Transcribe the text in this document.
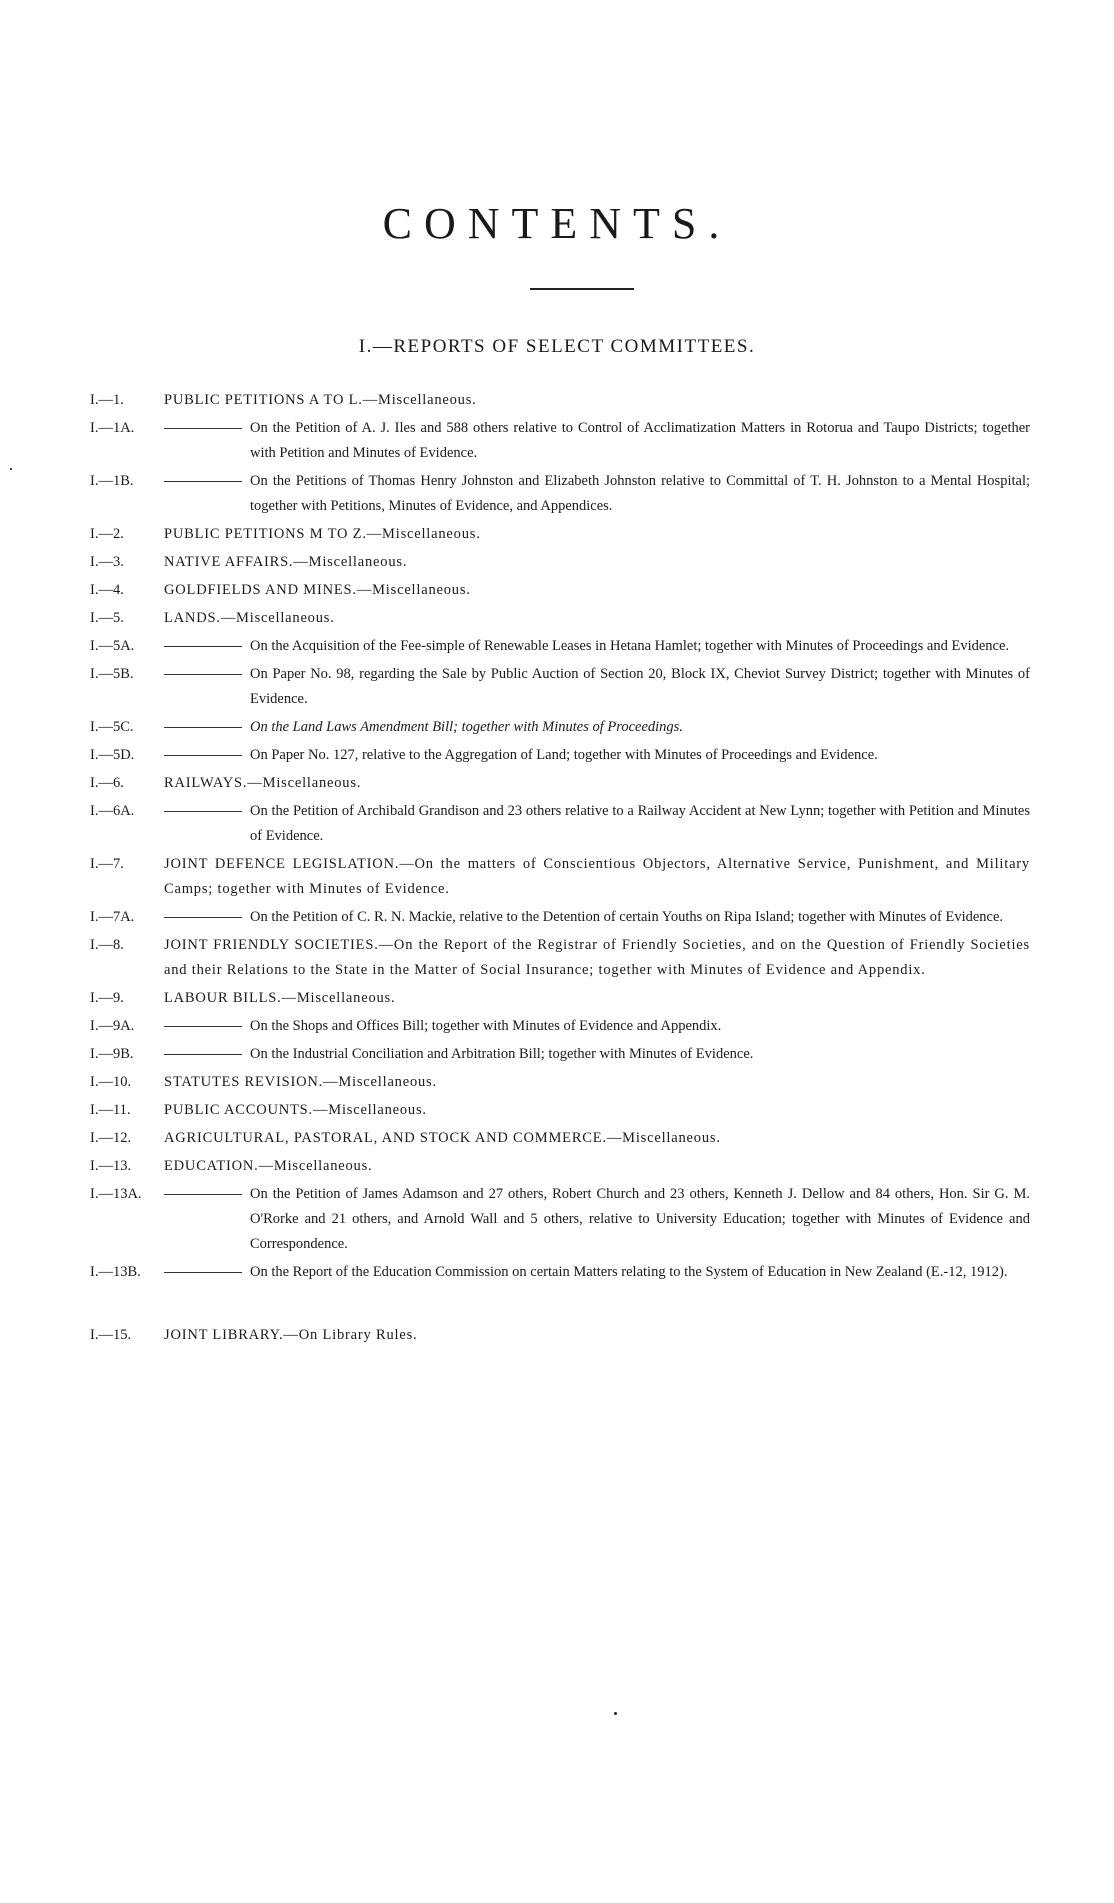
CONTENTS.
I.—REPORTS OF SELECT COMMITTEES.
I.—1.	PUBLIC PETITIONS A TO L.—Miscellaneous.
I.—1A.	On the Petition of A. J. Iles and 588 others relative to Control of Acclimatization Matters in Rotorua and Taupo Districts; together with Petition and Minutes of Evidence.
I.—1B.	On the Petitions of Thomas Henry Johnston and Elizabeth Johnston relative to Committal of T. H. Johnston to a Mental Hospital; together with Petitions, Minutes of Evidence, and Appendices.
I.—2.	PUBLIC PETITIONS M TO Z.—Miscellaneous.
I.—3.	NATIVE AFFAIRS.—Miscellaneous.
I.—4.	GOLDFIELDS AND MINES.—Miscellaneous.
I.—5.	LANDS.—Miscellaneous.
I.—5A.	On the Acquisition of the Fee-simple of Renewable Leases in Hetana Hamlet; together with Minutes of Proceedings and Evidence.
I.—5B.	On Paper No. 98, regarding the Sale by Public Auction of Section 20, Block IX, Cheviot Survey District; together with Minutes of Evidence.
I.—5C.	On the Land Laws Amendment Bill; together with Minutes of Proceedings.
I.—5D.	On Paper No. 127, relative to the Aggregation of Land; together with Minutes of Proceedings and Evidence.
I.—6.	RAILWAYS.—Miscellaneous.
I.—6A.	On the Petition of Archibald Grandison and 23 others relative to a Railway Accident at New Lynn; together with Petition and Minutes of Evidence.
I.—7.	JOINT DEFENCE LEGISLATION.—On the matters of Conscientious Objectors, Alternative Service, Punishment, and Military Camps; together with Minutes of Evidence.
I.—7A.	On the Petition of C. R. N. Mackie, relative to the Detention of certain Youths on Ripa Island; together with Minutes of Evidence.
I.—8.	JOINT FRIENDLY SOCIETIES.—On the Report of the Registrar of Friendly Societies, and on the Question of Friendly Societies and their Relations to the State in the Matter of Social Insurance; together with Minutes of Evidence and Appendix.
I.—9.	LABOUR BILLS.—Miscellaneous.
I.—9A.	On the Shops and Offices Bill; together with Minutes of Evidence and Appendix.
I.—9B.	On the Industrial Conciliation and Arbitration Bill; together with Minutes of Evidence.
I.—10.	STATUTES REVISION.—Miscellaneous.
I.—11.	PUBLIC ACCOUNTS.—Miscellaneous.
I.—12.	AGRICULTURAL, PASTORAL, AND STOCK AND COMMERCE.—Miscellaneous.
I.—13.	EDUCATION.—Miscellaneous.
I.—13A.	On the Petition of James Adamson and 27 others, Robert Church and 23 others, Kenneth J. Dellow and 84 others, Hon. Sir G. M. O'Rorke and 21 others, and Arnold Wall and 5 others, relative to University Education; together with Minutes of Evidence and Correspondence.
I.—13B.	On the Report of the Education Commission on certain Matters relating to the System of Education in New Zealand (E.-12, 1912).
I.—15.	JOINT LIBRARY.—On Library Rules.
